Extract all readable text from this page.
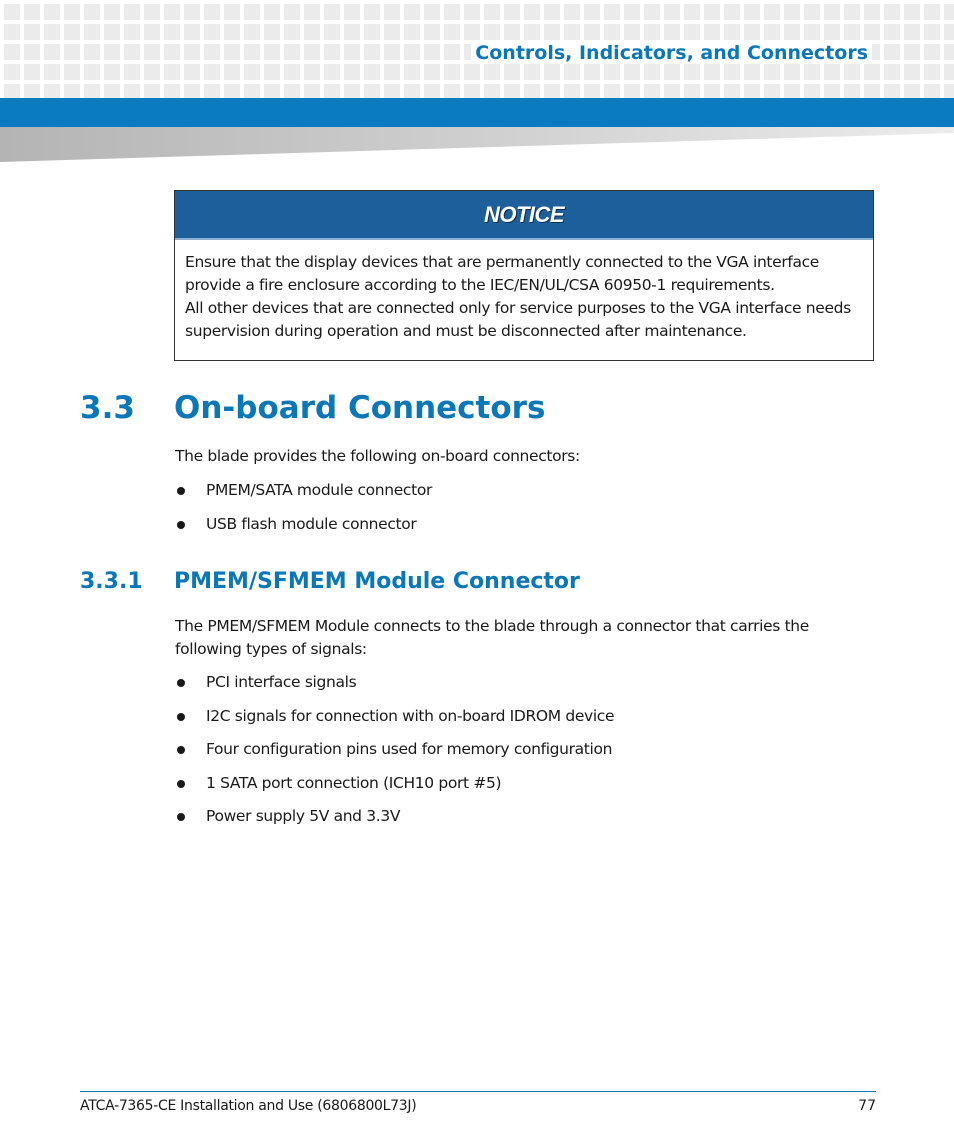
Controls, Indicators, and Connectors
NOTICE

Ensure that the display devices that are permanently connected to the VGA interface

provide a fire enclosure according to the IEC/EN/UL/CSA 60950-1 requirements.

All other devices that are connected only for service purposes to the VGA interface needs

supervision during operation and must be disconnected after maintenance.

3.3 On-board Connectors

The blade provides the following on-board connectors:

PMEM/SATA module connector
USB flash module connector
3.3.1 PMEM/SFMEM Module Connector

The PMEM/SFMEM Module connects to the blade through a connector that carries the

following types of signals:

PCI interface signals
I2C signals for connection with on-board IDROM device
Four configuration pins used for memory configuration
1 SATA port connection (ICH10 port #5)
Power supply 5V and 3.3V
ATCA-7365-CE Installation and Use (6806800L73J)	77
